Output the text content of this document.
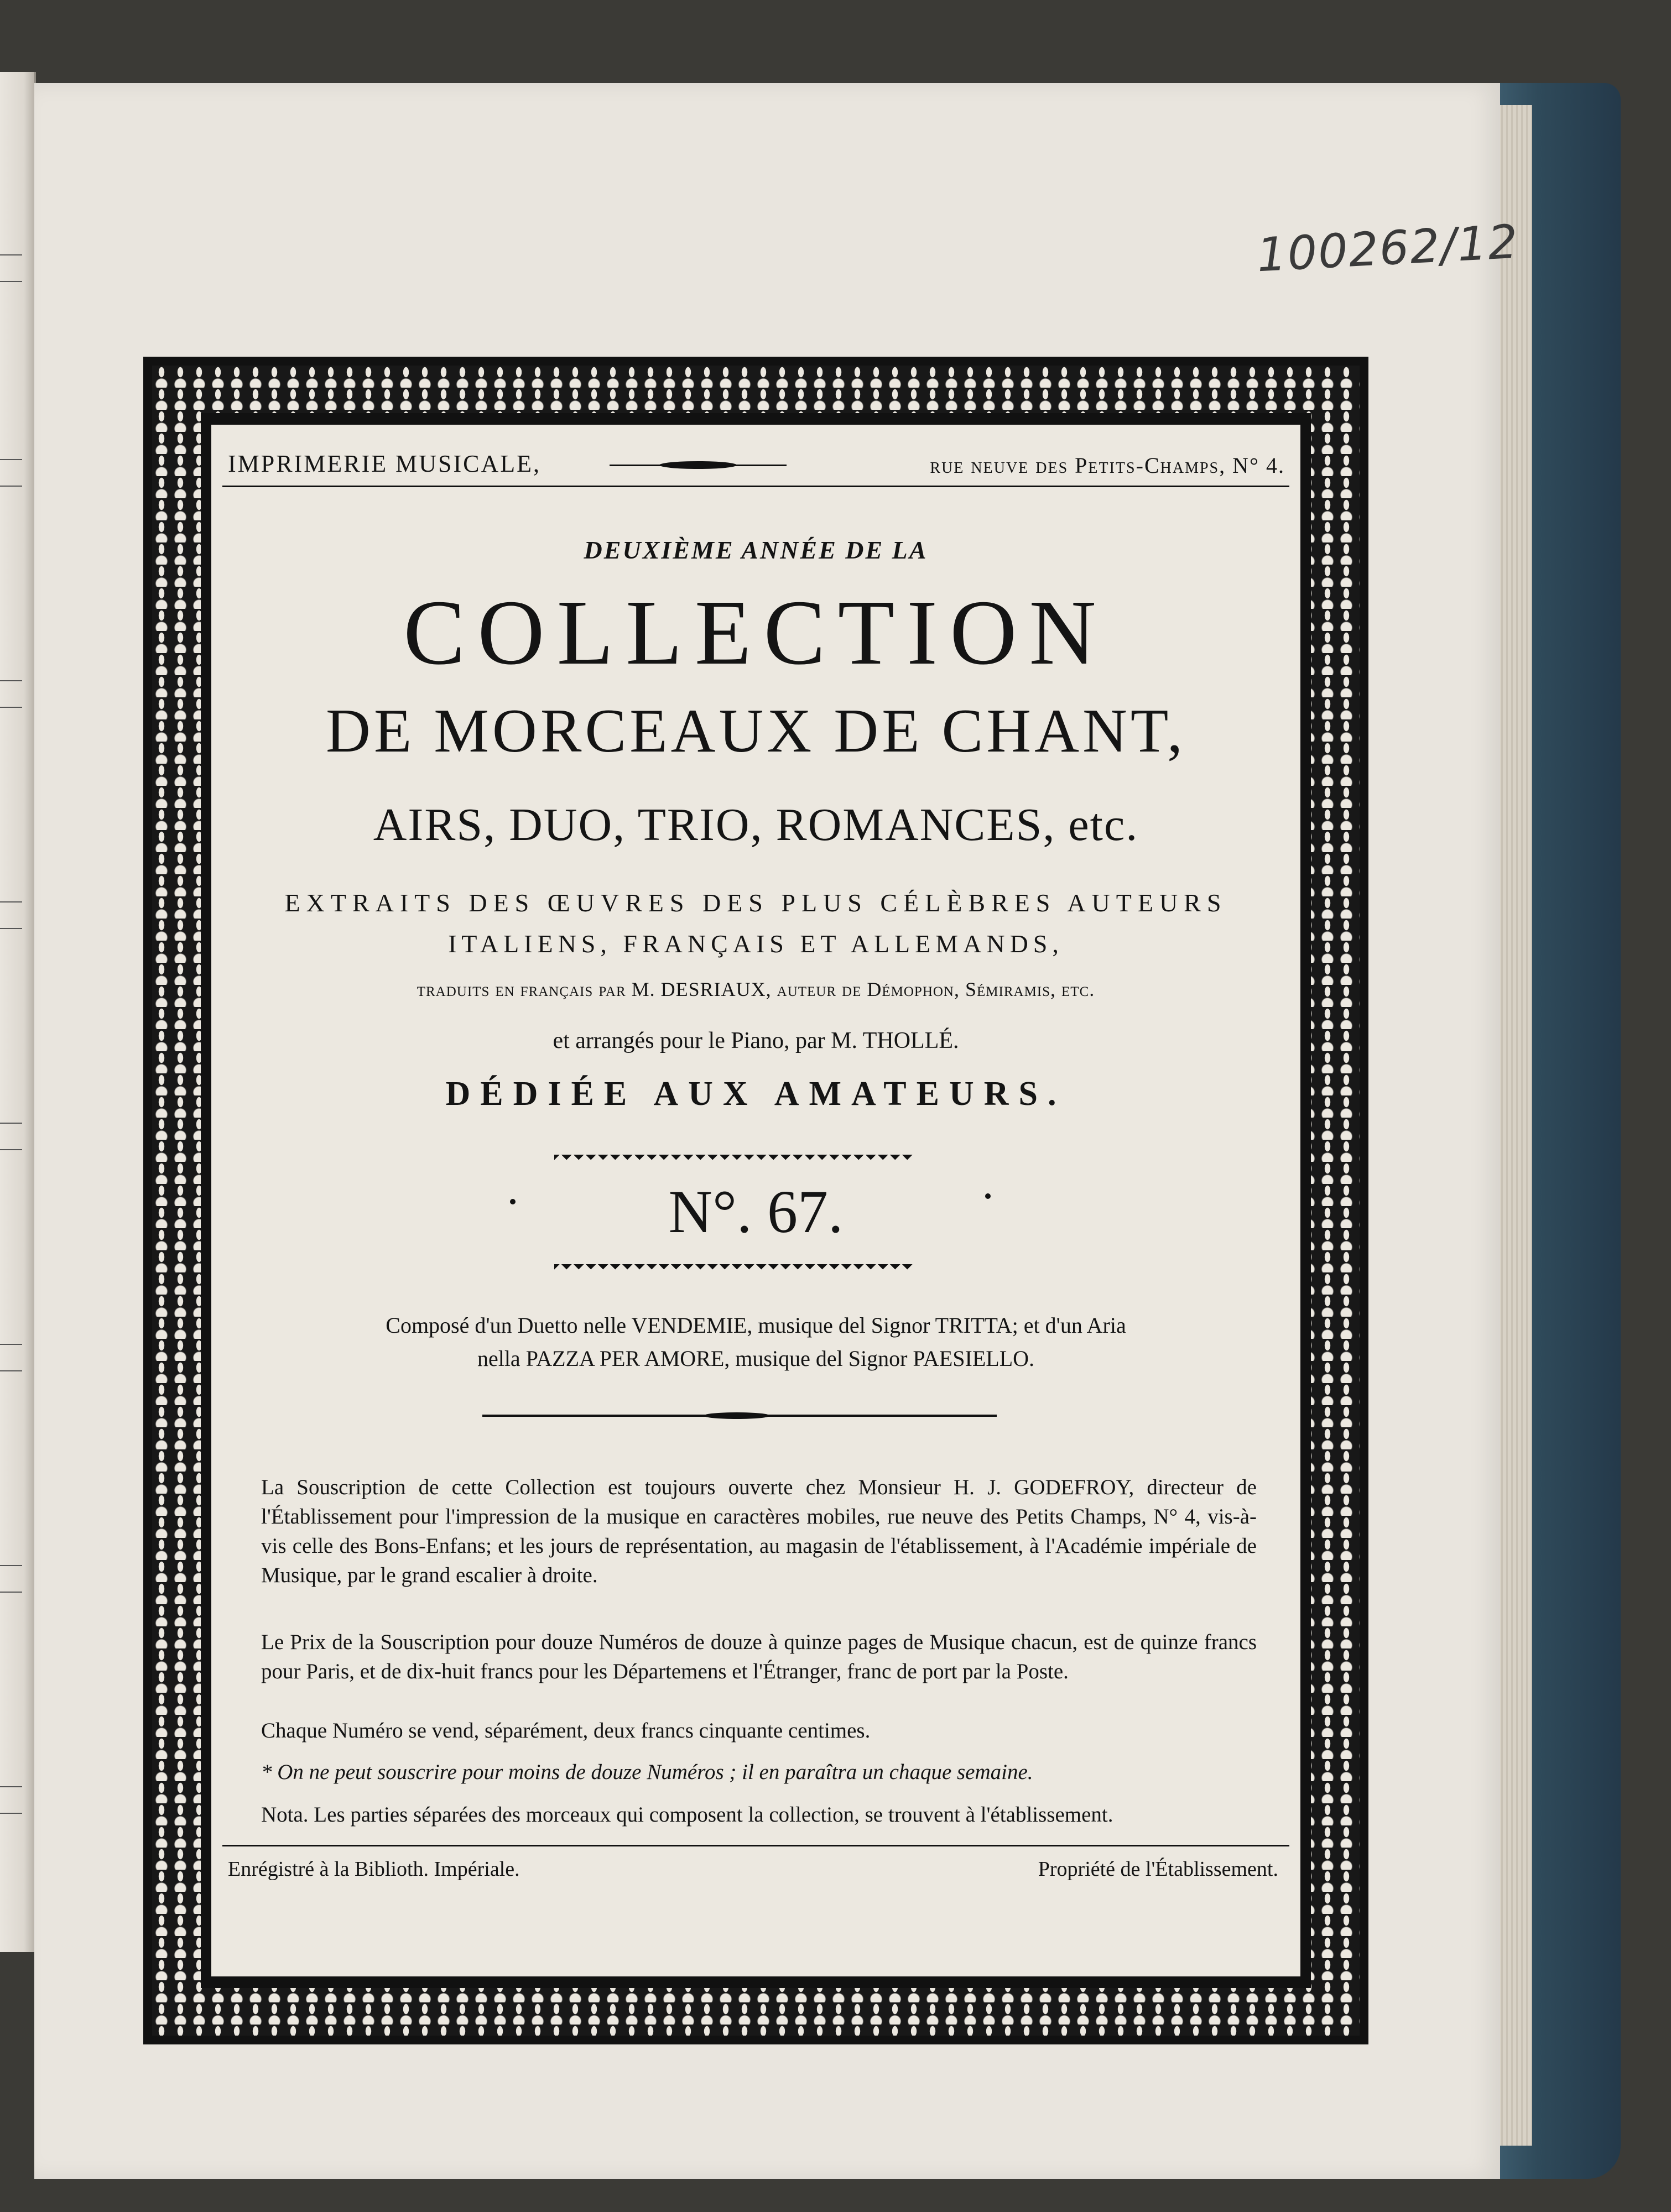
100262/12
IMPRIMERIE MUSICALE,	rue neuve des Petits-Champs, N° 4.
DEUXIÈME ANNÉE DE LA
COLLECTION
DE MORCEAUX DE CHANT,
AIRS, DUO, TRIO, ROMANCES, etc.
EXTRAITS DES ŒUVRES DES PLUS CÉLÈBRES AUTEURS
ITALIENS, FRANÇAIS ET ALLEMANDS,
traduits en français par M. DESRIAUX, auteur de Démophon, Sémiramis, etc.
et arrangés pour le Piano, par M. THOLLÉ.
DÉDIÉE AUX AMATEURS.
N°. 67.
Composé d'un Duetto nelle VENDEMIE, musique del Signor TRITTA; et d'un Aria
nella PAZZA PER AMORE, musique del Signor PAESIELLO.
La Souscription de cette Collection est toujours ouverte chez Monsieur H. J. GODEFROY, directeur de l'Établissement pour l'impression de la musique en caractères mobiles, rue neuve des Petits Champs, N° 4, vis-à-vis celle des Bons-Enfans; et les jours de représentation, au magasin de l'établissement, à l'Académie impériale de Musique, par le grand escalier à droite.
Le Prix de la Souscription pour douze Numéros de douze à quinze pages de Musique chacun, est de quinze francs pour Paris, et de dix-huit francs pour les Départemens et l'Étranger, franc de port par la Poste.
Chaque Numéro se vend, séparément, deux francs cinquante centimes.
* On ne peut souscrire pour moins de douze Numéros ; il en paraîtra un chaque semaine.
Nota. Les parties séparées des morceaux qui composent la collection, se trouvent à l'établissement.
Enrégistré à la Biblioth. Impériale.	Propriété de l'Établissement.
